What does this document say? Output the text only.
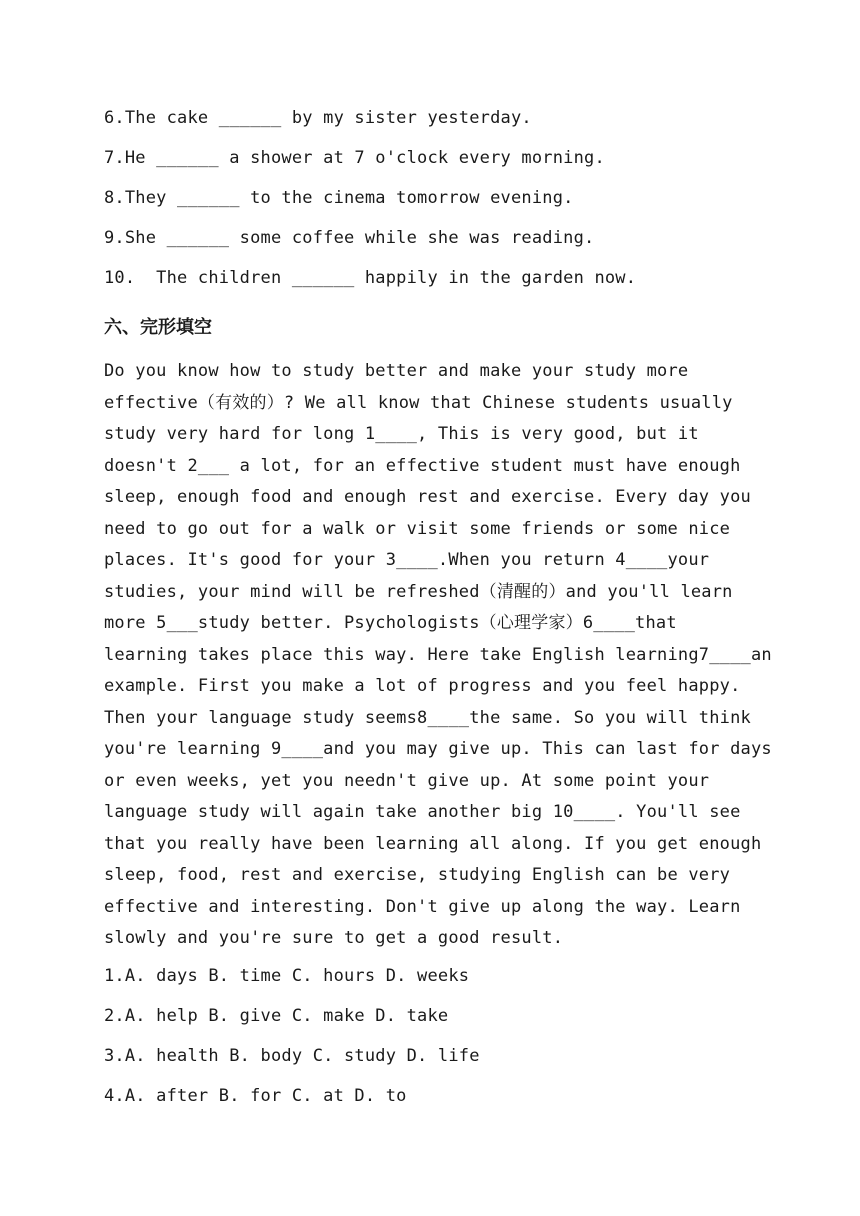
6.The cake ______ by my sister yesterday.
7.He ______ a shower at 7 o'clock every morning.
8.They ______ to the cinema tomorrow evening.
9.She ______ some coffee while she was reading.
10.  The children ______ happily in the garden now.
六、完形填空
Do you know how to study better and make your study more
effective（有效的）? We all know that Chinese students usually
study very hard for long 1____, This is very good, but it
doesn't 2___ a lot, for an effective student must have enough
sleep, enough food and enough rest and exercise. Every day you
need to go out for a walk or visit some friends or some nice
places. It's good for your 3____.When you return 4____your
studies, your mind will be refreshed（清醒的）and you'll learn
more 5___study better. Psychologists（心理学家）6____that
learning takes place this way. Here take English learning7____an
example. First you make a lot of progress and you feel happy.
Then your language study seems8____the same. So you will think
you're learning 9____and you may give up. This can last for days
or even weeks, yet you needn't give up. At some point your
language study will again take another big 10____. You'll see
that you really have been learning all along. If you get enough
sleep, food, rest and exercise, studying English can be very
effective and interesting. Don't give up along the way. Learn
slowly and you're sure to get a good result.
1.A. days B. time C. hours D. weeks
2.A. help B. give C. make D. take
3.A. health B. body C. study D. life
4.A. after B. for C. at D. to
